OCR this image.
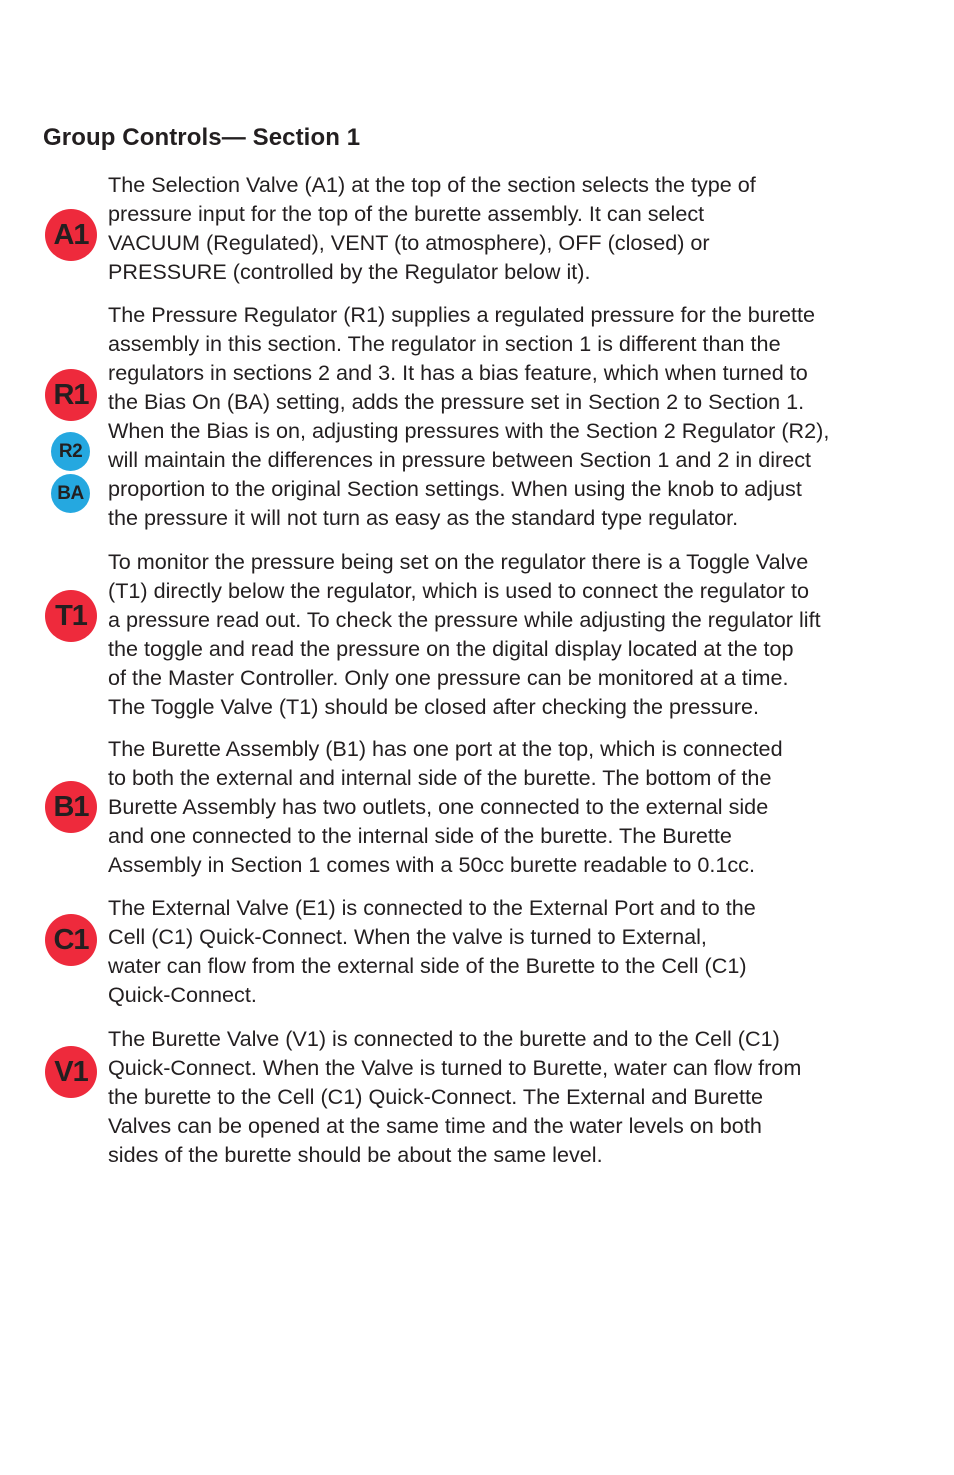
Group Controls— Section 1
A1
The Selection Valve (A1) at the top of the section selects the type of
pressure input for the top of the burette assembly. It can select
VACUUM (Regulated), VENT (to atmosphere), OFF (closed) or
PRESSURE (controlled by the Regulator below it).
R1
R2
BA
The Pressure Regulator (R1) supplies a regulated pressure for the burette
assembly in this section. The regulator in section 1 is different than the
regulators in sections 2 and 3. It has a bias feature, which when turned to
the Bias On (BA) setting, adds the pressure set in Section 2 to Section 1.
When the Bias is on, adjusting pressures with the Section 2 Regulator (R2),
will maintain the differences in pressure between Section 1 and 2 in direct
proportion to the original Section settings. When using the knob to adjust
the pressure it will not turn as easy as the standard type regulator.
T1
To monitor the pressure being set on the regulator there is a Toggle Valve
(T1) directly below the regulator, which is used to connect the regulator to
a pressure read out. To check the pressure while adjusting the regulator lift
the toggle and read the pressure on the digital display located at the top
of the Master Controller. Only one pressure can be monitored at a time.
The Toggle Valve (T1) should be closed after checking the pressure.
B1
The Burette Assembly (B1) has one port at the top, which is connected
to both the external and internal side of the burette. The bottom of the
Burette Assembly has two outlets, one connected to the external side
and one connected to the internal side of the burette. The Burette
Assembly in Section 1 comes with a 50cc burette readable to 0.1cc.
C1
The External Valve (E1) is connected to the External Port and to the
Cell (C1) Quick-Connect. When the valve is turned to External,
water can flow from the external side of the Burette to the Cell (C1)
Quick-Connect.
V1
The Burette Valve (V1) is connected to the burette and to the Cell (C1)
Quick-Connect. When the Valve is turned to Burette, water can flow from
the burette to the Cell (C1) Quick-Connect. The External and Burette
Valves can be opened at the same time and the water levels on both
sides of the burette should be about the same level.
